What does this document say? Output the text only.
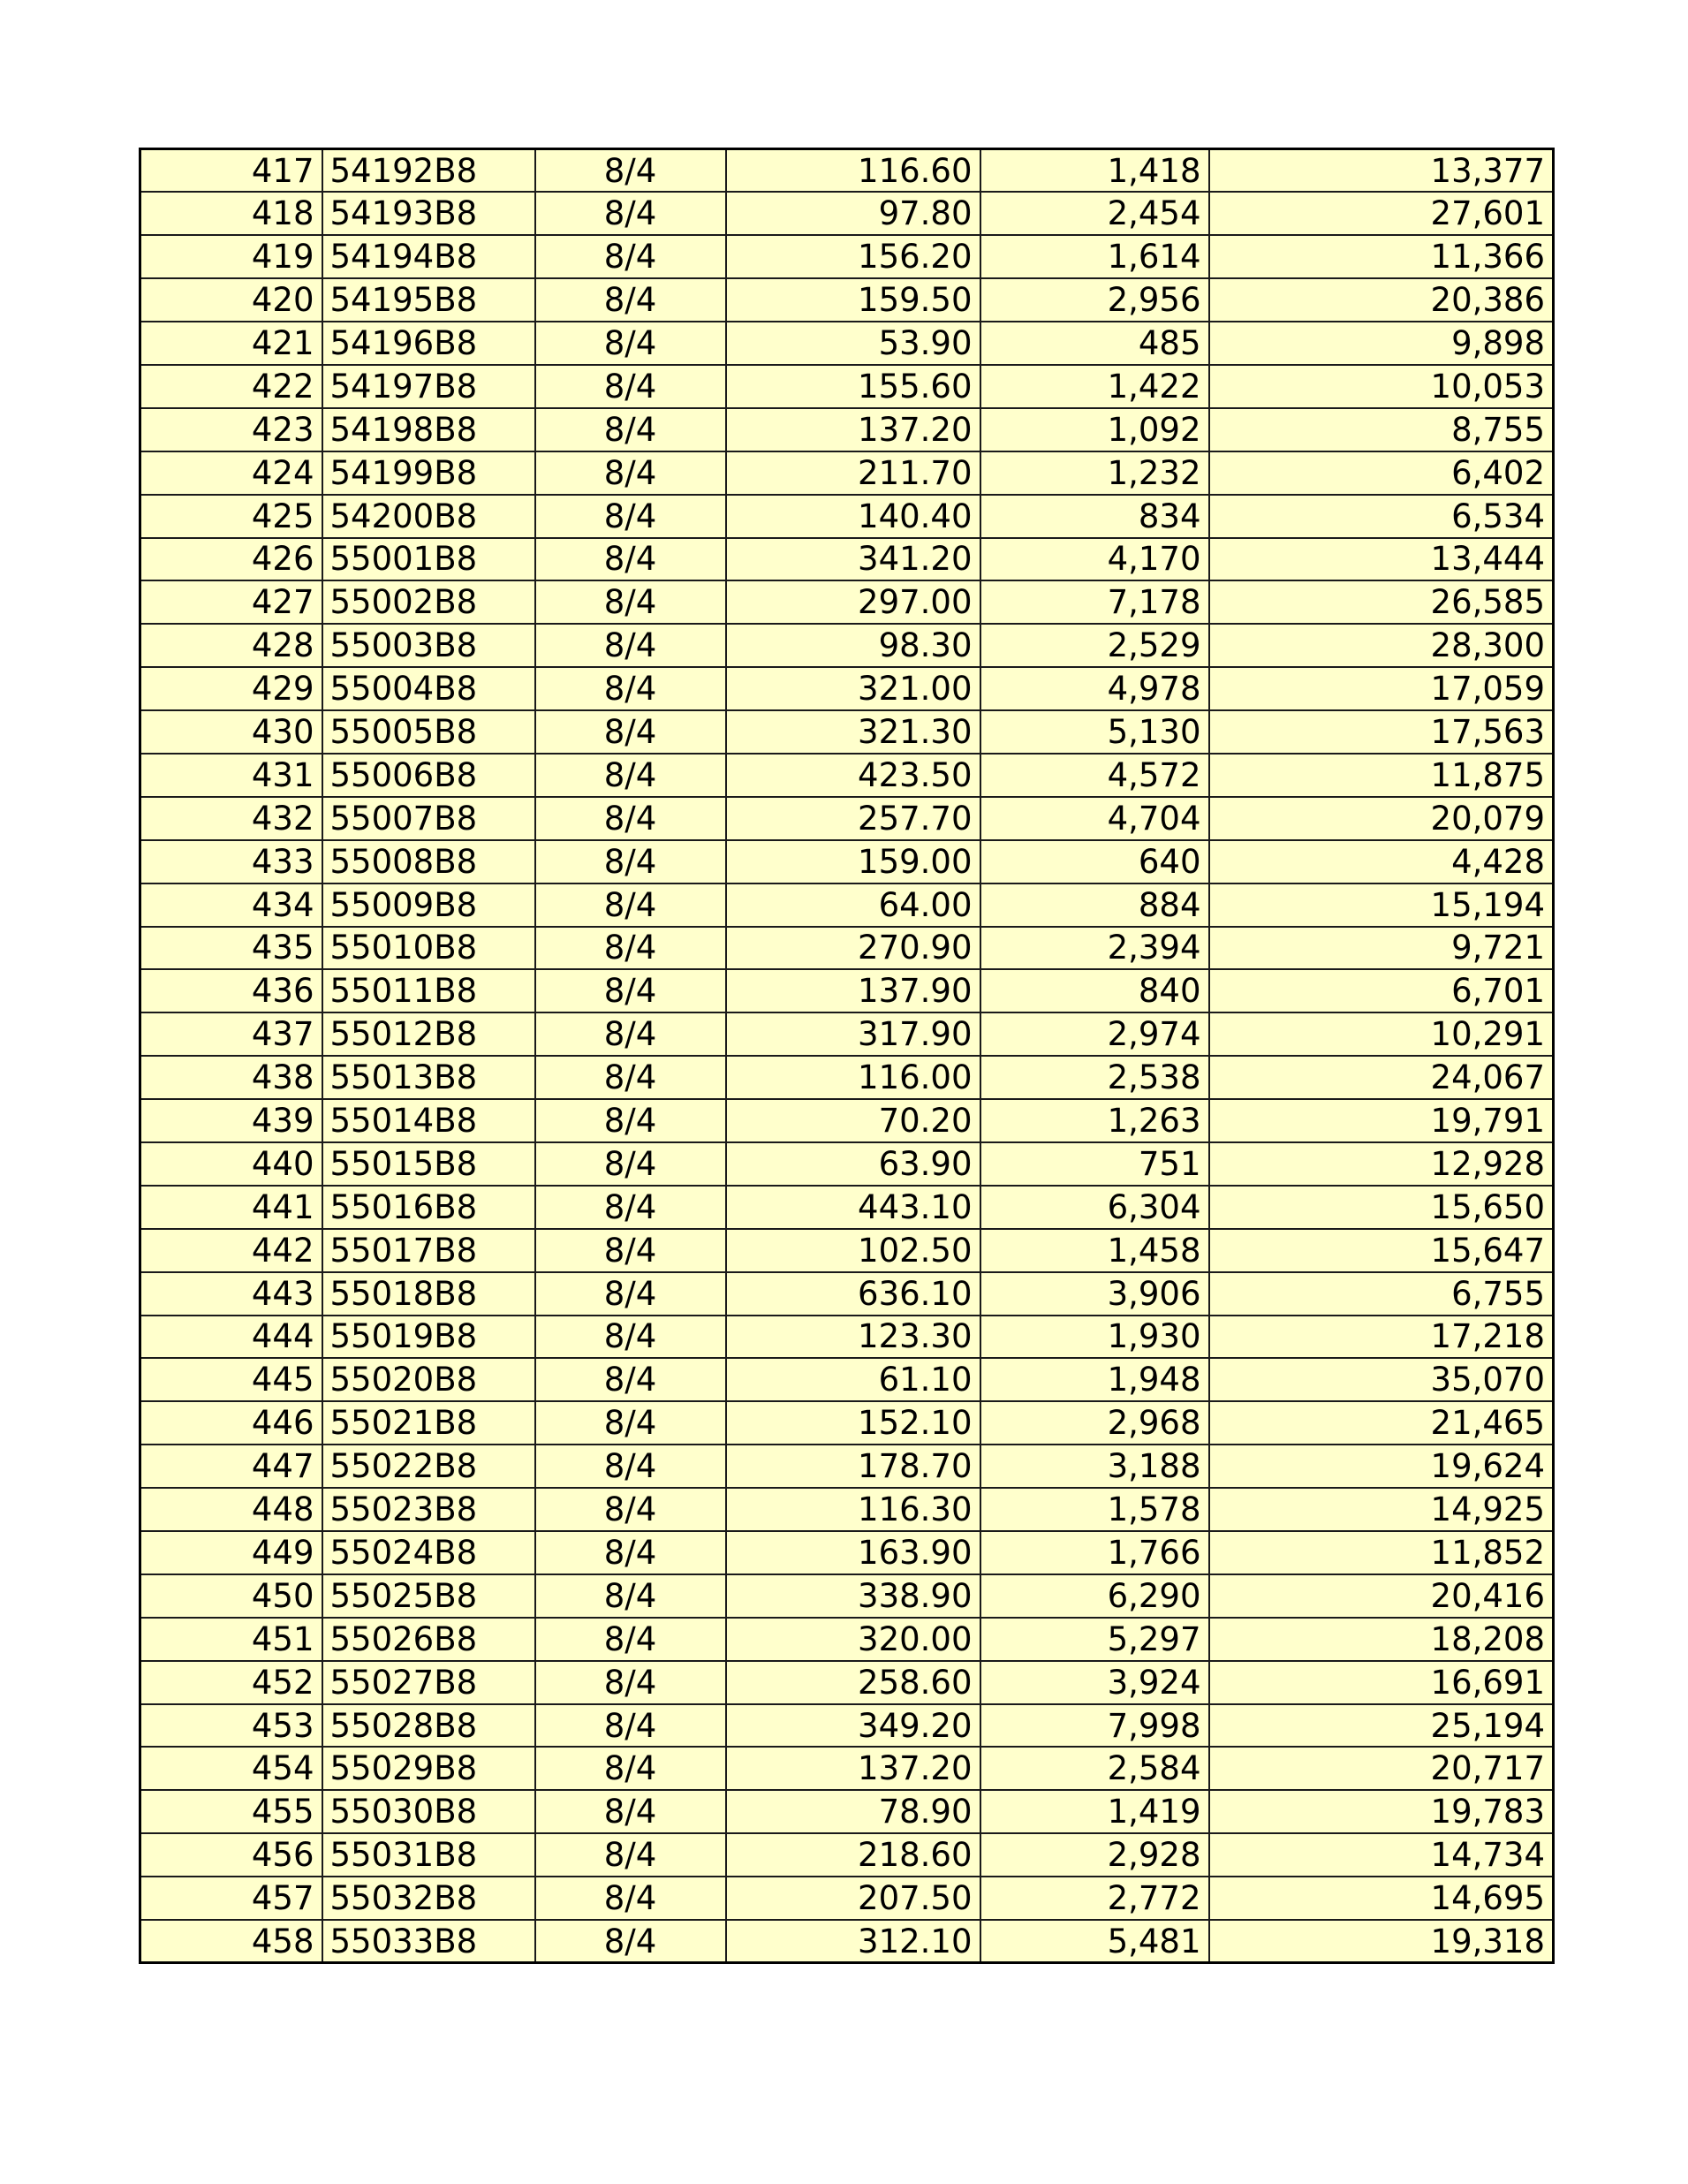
417	54192B8	8/4	116.60	1,418	13,377
418	54193B8	8/4	97.80	2,454	27,601
419	54194B8	8/4	156.20	1,614	11,366
420	54195B8	8/4	159.50	2,956	20,386
421	54196B8	8/4	53.90	485	9,898
422	54197B8	8/4	155.60	1,422	10,053
423	54198B8	8/4	137.20	1,092	8,755
424	54199B8	8/4	211.70	1,232	6,402
425	54200B8	8/4	140.40	834	6,534
426	55001B8	8/4	341.20	4,170	13,444
427	55002B8	8/4	297.00	7,178	26,585
428	55003B8	8/4	98.30	2,529	28,300
429	55004B8	8/4	321.00	4,978	17,059
430	55005B8	8/4	321.30	5,130	17,563
431	55006B8	8/4	423.50	4,572	11,875
432	55007B8	8/4	257.70	4,704	20,079
433	55008B8	8/4	159.00	640	4,428
434	55009B8	8/4	64.00	884	15,194
435	55010B8	8/4	270.90	2,394	9,721
436	55011B8	8/4	137.90	840	6,701
437	55012B8	8/4	317.90	2,974	10,291
438	55013B8	8/4	116.00	2,538	24,067
439	55014B8	8/4	70.20	1,263	19,791
440	55015B8	8/4	63.90	751	12,928
441	55016B8	8/4	443.10	6,304	15,650
442	55017B8	8/4	102.50	1,458	15,647
443	55018B8	8/4	636.10	3,906	6,755
444	55019B8	8/4	123.30	1,930	17,218
445	55020B8	8/4	61.10	1,948	35,070
446	55021B8	8/4	152.10	2,968	21,465
447	55022B8	8/4	178.70	3,188	19,624
448	55023B8	8/4	116.30	1,578	14,925
449	55024B8	8/4	163.90	1,766	11,852
450	55025B8	8/4	338.90	6,290	20,416
451	55026B8	8/4	320.00	5,297	18,208
452	55027B8	8/4	258.60	3,924	16,691
453	55028B8	8/4	349.20	7,998	25,194
454	55029B8	8/4	137.20	2,584	20,717
455	55030B8	8/4	78.90	1,419	19,783
456	55031B8	8/4	218.60	2,928	14,734
457	55032B8	8/4	207.50	2,772	14,695
458	55033B8	8/4	312.10	5,481	19,318
